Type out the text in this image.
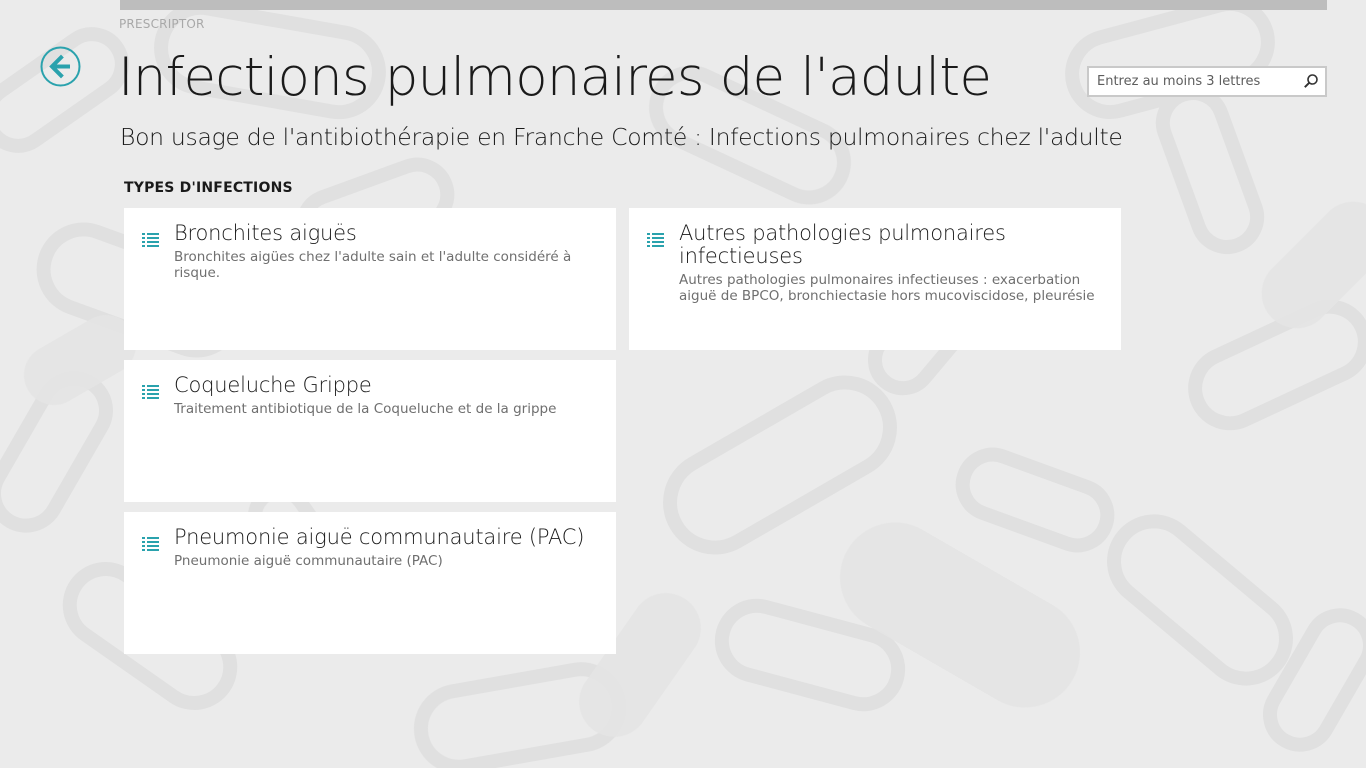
PRESCRIPTOR
Infections pulmonaires de l'adulte
Entrez au moins 3 lettres
Bon usage de l'antibiothérapie en Franche Comté : Infections pulmonaires chez l'adulte
TYPES D'INFECTIONS
Bronchites aiguës
Bronchites aigües chez l'adulte sain et l'adulte considéré à risque.
Autres pathologies pulmonaires infectieuses
Autres pathologies pulmonaires infectieuses : exacerbation aiguë de BPCO, bronchiectasie hors mucoviscidose, pleurésie
Coqueluche Grippe
Traitement antibiotique de la Coqueluche et de la grippe
Pneumonie aiguë communautaire (PAC)
Pneumonie aiguë communautaire (PAC)
